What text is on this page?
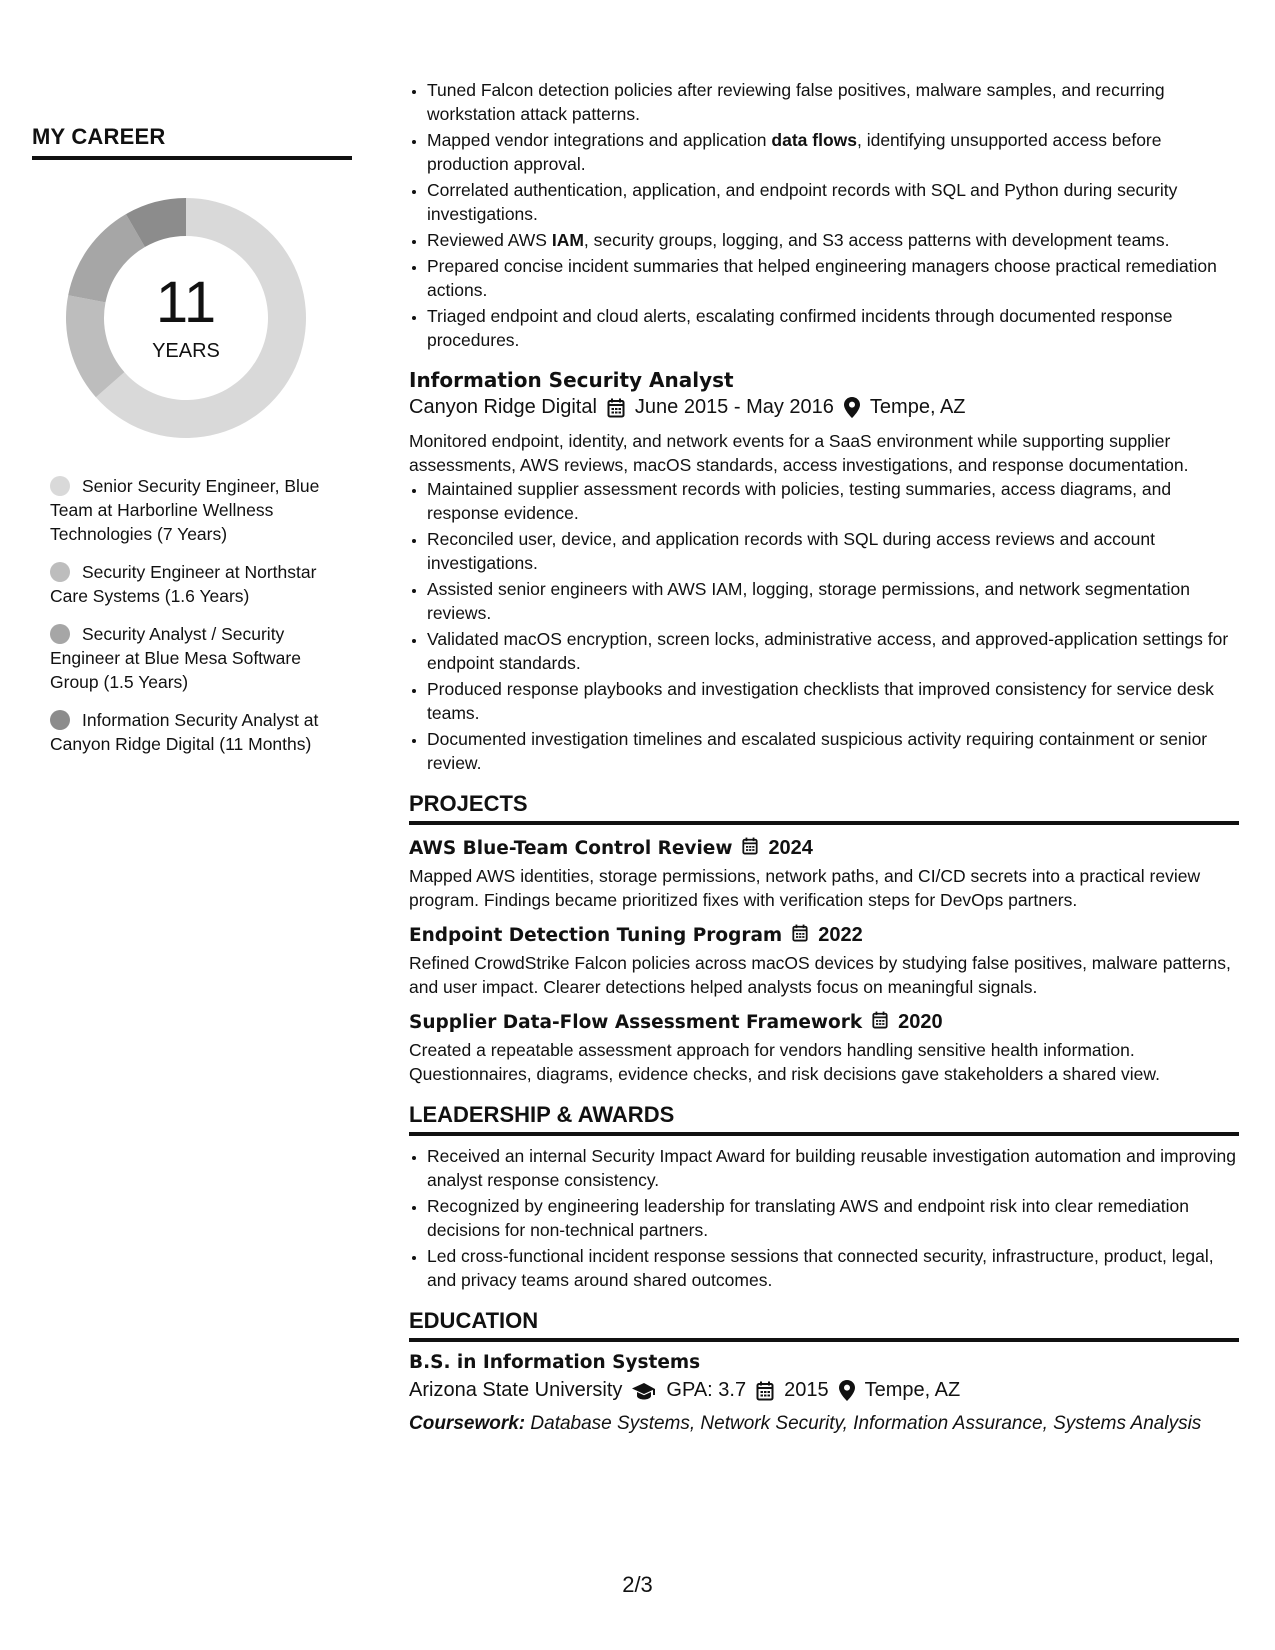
MY CAREER
11
YEARS
Senior Security Engineer, Blue Team at Harborline Wellness Technologies (7 Years)
Security Engineer at Northstar Care Systems (1.6 Years)
Security Analyst / Security Engineer at Blue Mesa Software Group (1.5 Years)
Information Security Analyst at Canyon Ridge Digital (11 Months)
• Tuned Falcon detection policies after reviewing false positives, malware samples, and recurring workstation attack patterns.
• Mapped vendor integrations and application data flows, identifying unsupported access before production approval.
• Correlated authentication, application, and endpoint records with SQL and Python during security investigations.
• Reviewed AWS IAM, security groups, logging, and S3 access patterns with development teams.
• Prepared concise incident summaries that helped engineering managers choose practical remediation actions.
• Triaged endpoint and cloud alerts, escalating confirmed incidents through documented response procedures.
Information Security Analyst
Canyon Ridge Digital June 2015 - May 2016 Tempe, AZ
Monitored endpoint, identity, and network events for a SaaS environment while supporting supplier assessments, AWS reviews, macOS standards, access investigations, and response documentation.
• Maintained supplier assessment records with policies, testing summaries, access diagrams, and response evidence.
• Reconciled user, device, and application records with SQL during access reviews and account investigations.
• Assisted senior engineers with AWS IAM, logging, storage permissions, and network segmentation reviews.
• Validated macOS encryption, screen locks, administrative access, and approved-application settings for endpoint standards.
• Produced response playbooks and investigation checklists that improved consistency for service desk teams.
• Documented investigation timelines and escalated suspicious activity requiring containment or senior review.
PROJECTS
AWS Blue-Team Control Review 2024
Mapped AWS identities, storage permissions, network paths, and CI/CD secrets into a practical review program. Findings became prioritized fixes with verification steps for DevOps partners.
Endpoint Detection Tuning Program 2022
Refined CrowdStrike Falcon policies across macOS devices by studying false positives, malware patterns, and user impact. Clearer detections helped analysts focus on meaningful signals.
Supplier Data-Flow Assessment Framework 2020
Created a repeatable assessment approach for vendors handling sensitive health information. Questionnaires, diagrams, evidence checks, and risk decisions gave stakeholders a shared view.
LEADERSHIP & AWARDS
• Received an internal Security Impact Award for building reusable investigation automation and improving analyst response consistency.
• Recognized by engineering leadership for translating AWS and endpoint risk into clear remediation decisions for non-technical partners.
• Led cross-functional incident response sessions that connected security, infrastructure, product, legal, and privacy teams around shared outcomes.
EDUCATION
B.S. in Information Systems
Arizona State University GPA: 3.7 2015 Tempe, AZ
Coursework: Database Systems, Network Security, Information Assurance, Systems Analysis
2/3
